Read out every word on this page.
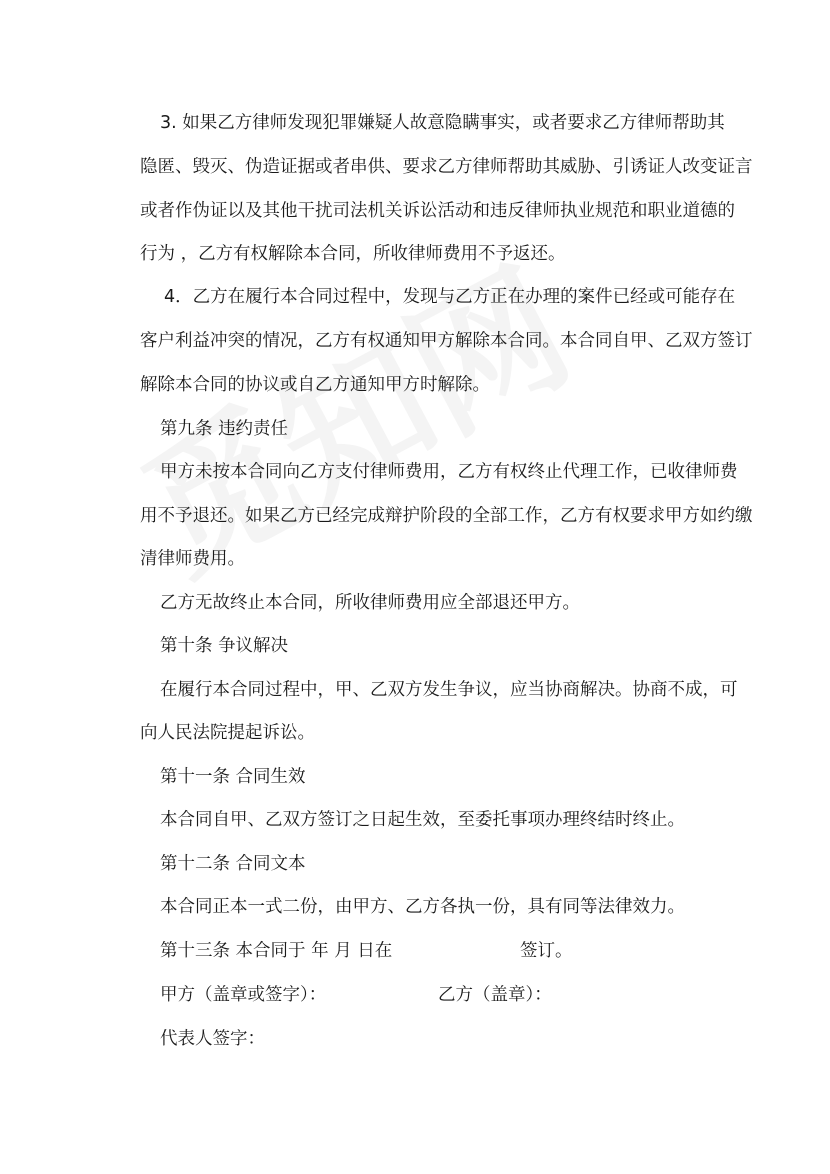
3. 如果乙方律师发现犯罪嫌疑人故意隐瞒事实，或者要求乙方律师帮助其
隐匿、毁灭、伪造证据或者串供、要求乙方律师帮助其威胁、引诱证人改变证言
或者作伪证以及其他干扰司法机关诉讼活动和违反律师执业规范和职业道德的
行为 ，乙方有权解除本合同，所收律师费用不予返还。
4．乙方在履行本合同过程中，发现与乙方正在办理的案件已经或可能存在
客户利益冲突的情况，乙方有权通知甲方解除本合同。本合同自甲、乙双方签订
解除本合同的协议或自乙方通知甲方时解除。
第九条 违约责任
甲方未按本合同向乙方支付律师费用，乙方有权终止代理工作，已收律师费
用不予退还。如果乙方已经完成辩护阶段的全部工作，乙方有权要求甲方如约缴
清律师费用。
乙方无故终止本合同，所收律师费用应全部退还甲方。
第十条 争议解决
在履行本合同过程中，甲、乙双方发生争议，应当协商解决。协商不成，可
向人民法院提起诉讼。
第十一条 合同生效
本合同自甲、乙双方签订之日起生效，至委托事项办理终结时终止。
第十二条 合同文本
本合同正本一式二份，由甲方、乙方各执一份，具有同等法律效力。
第十三条 本合同于 年 月 日在	签订。
甲方（盖章或签字）：	乙方（盖章）：
代表人签字：
